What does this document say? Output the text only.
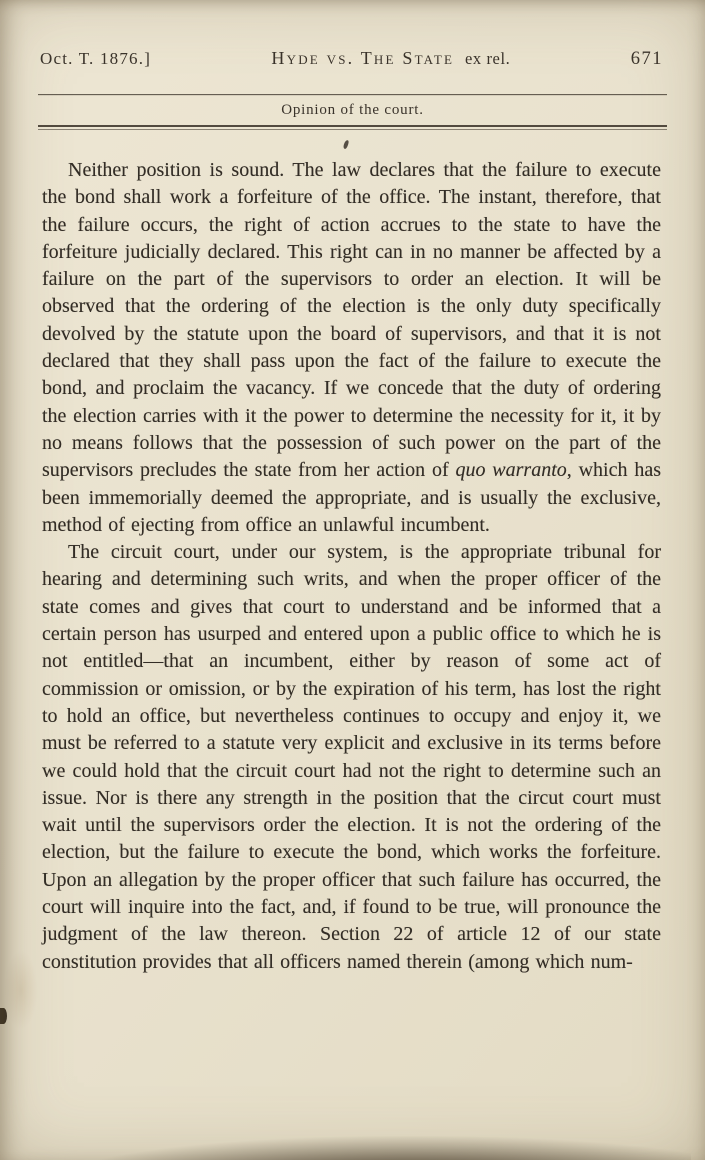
Oct. T. 1876.]	Hyde vs. The State ex rel.	671
Opinion of the court.

Neither position is sound. The law declares that the failure to execute the bond shall work a forfeiture of the office. The instant, therefore, that the failure occurs, the right of action accrues to the state to have the forfeiture judicially declared. This right can in no manner be affected by a failure on the part of the supervisors to order an election. It will be observed that the ordering of the election is the only duty specifically devolved by the statute upon the board of supervisors, and that it is not declared that they shall pass upon the fact of the failure to execute the bond, and proclaim the vacancy. If we concede that the duty of ordering the election carries with it the power to determine the necessity for it, it by no means follows that the possession of such power on the part of the supervisors precludes the state from her action of quo warranto, which has been immemorially deemed the appropriate, and is usually the exclusive, method of ejecting from office an unlawful incumbent.

The circuit court, under our system, is the appropriate tribunal for hearing and determining such writs, and when the proper officer of the state comes and gives that court to understand and be informed that a certain person has usurped and entered upon a public office to which he is not entitled—that an incumbent, either by reason of some act of commission or omission, or by the expiration of his term, has lost the right to hold an office, but nevertheless continues to occupy and enjoy it, we must be referred to a statute very explicit and exclusive in its terms before we could hold that the circuit court had not the right to determine such an issue. Nor is there any strength in the position that the circut court must wait until the supervisors order the election. It is not the ordering of the election, but the failure to execute the bond, which works the forfeiture. Upon an allegation by the proper officer that such failure has occurred, the court will inquire into the fact, and, if found to be true, will pronounce the judgment of the law thereon. Section 22 of article 12 of our state constitution provides that all officers named therein (among which num-
